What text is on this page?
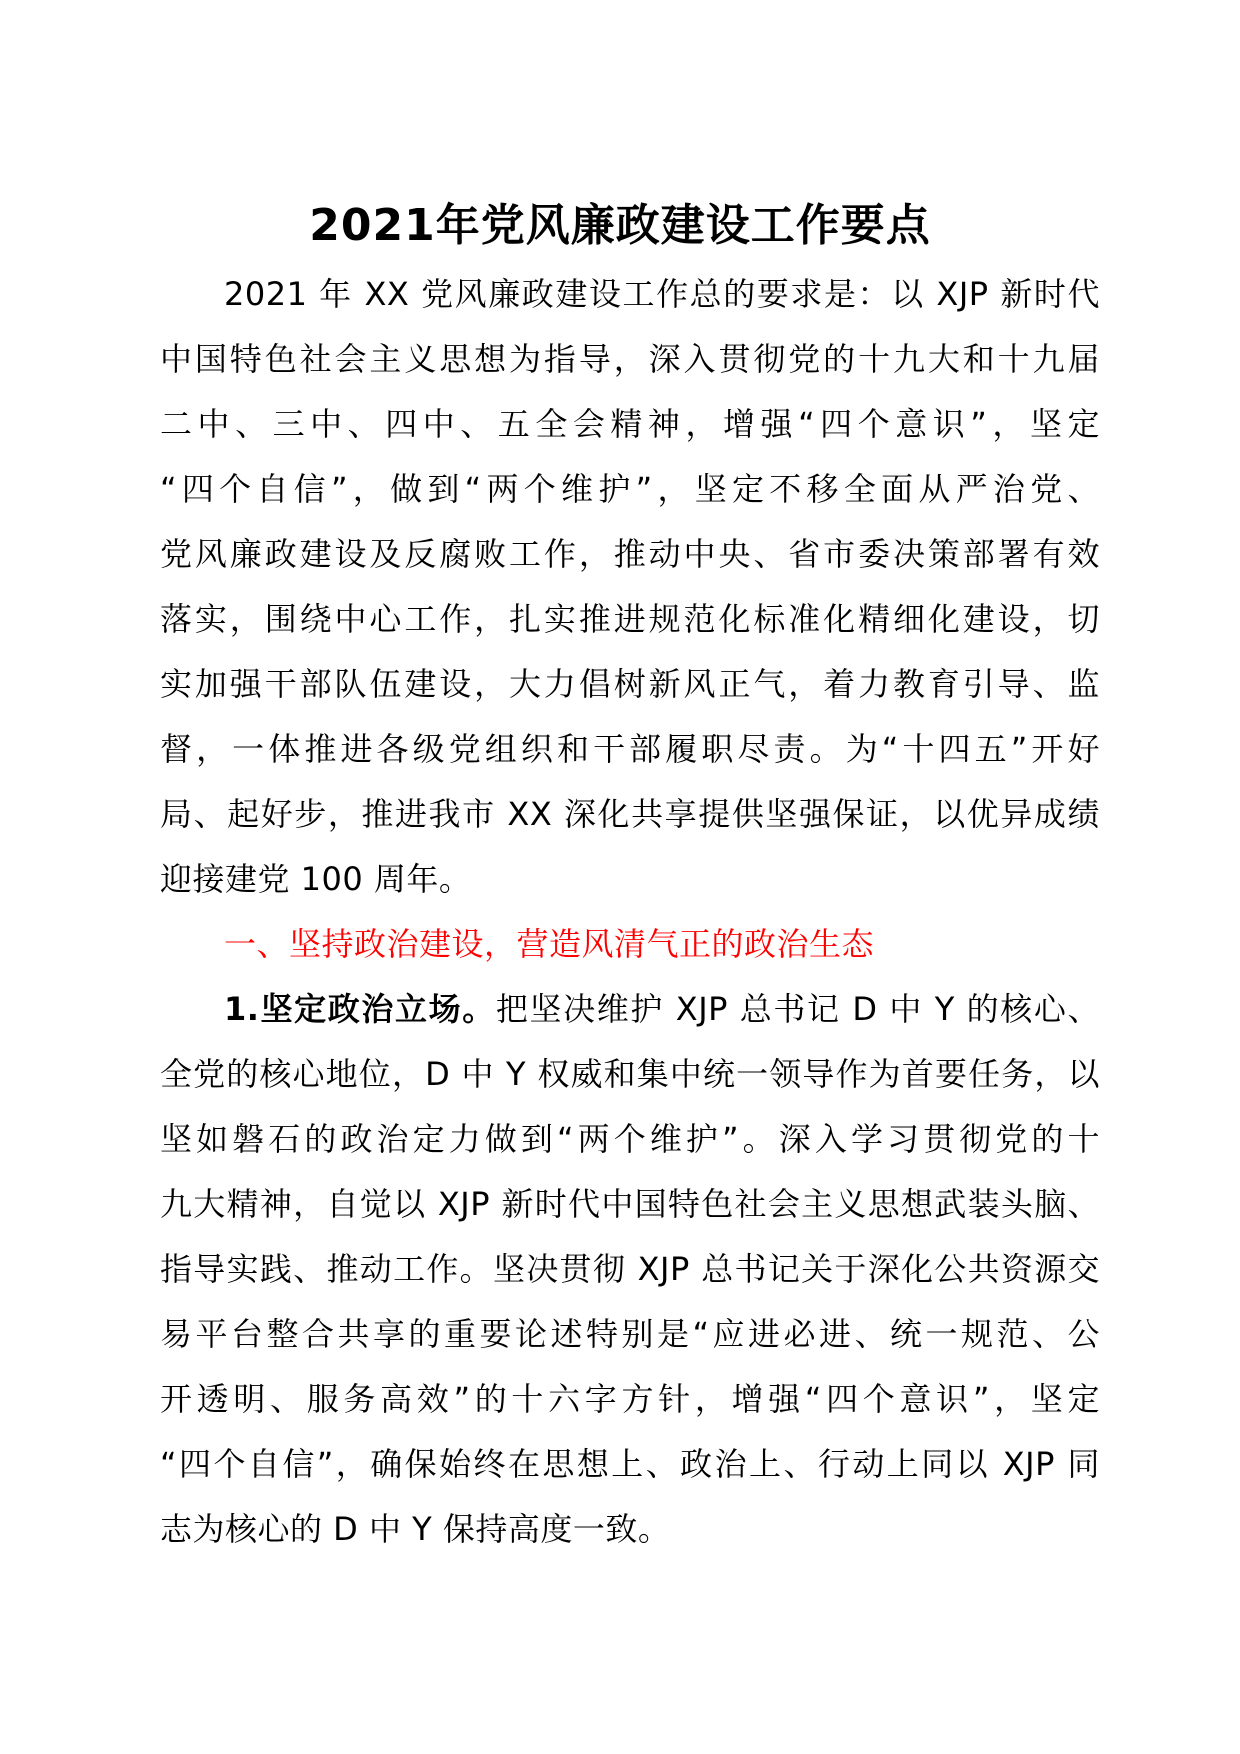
2021年党风廉政建设工作要点
2021 年 XX 党风廉政建设工作总的要求是：以 XJP 新时代
中国特色社会主义思想为指导，深入贯彻党的十九大和十九届
二中、三中、四中、五全会精神，增强“四个意识”，坚定
“四个自信”，做到“两个维护”，坚定不移全面从严治党、
党风廉政建设及反腐败工作，推动中央、省市委决策部署有效
落实，围绕中心工作，扎实推进规范化标准化精细化建设，切
实加强干部队伍建设，大力倡树新风正气，着力教育引导、监
督，一体推进各级党组织和干部履职尽责。为“十四五”开好
局、起好步，推进我市 XX 深化共享提供坚强保证，以优异成绩
迎接建党 100 周年。
一、坚持政治建设，营造风清气正的政治生态
1.坚定政治立场。把坚决维护 XJP 总书记 D 中 Y 的核心、
全党的核心地位，D 中 Y 权威和集中统一领导作为首要任务，以
坚如磐石的政治定力做到“两个维护”。深入学习贯彻党的十
九大精神，自觉以 XJP 新时代中国特色社会主义思想武装头脑、
指导实践、推动工作。坚决贯彻 XJP 总书记关于深化公共资源交
易平台整合共享的重要论述特别是“应进必进、统一规范、公
开透明、服务高效”的十六字方针，增强“四个意识”，坚定
“四个自信”，确保始终在思想上、政治上、行动上同以 XJP 同
志为核心的 D 中 Y 保持高度一致。
